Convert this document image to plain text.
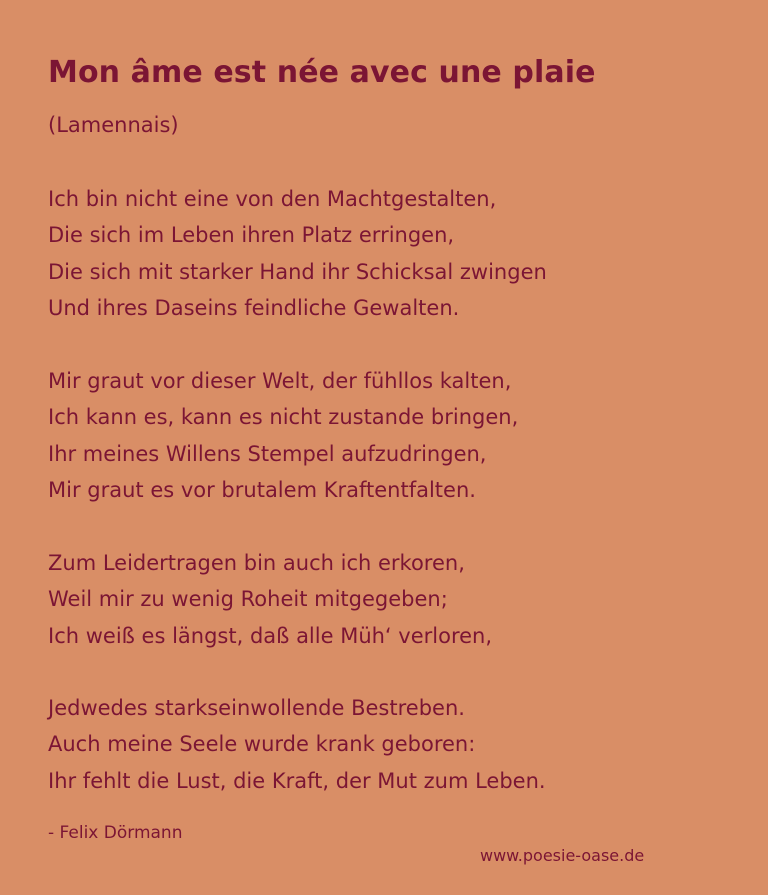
Mon âme est née avec une plaie

(Lamennais)

Ich bin nicht eine von den Machtgestalten,
Die sich im Leben ihren Platz erringen,
Die sich mit starker Hand ihr Schicksal zwingen
Und ihres Daseins feindliche Gewalten.
Mir graut vor dieser Welt, der fühllos kalten,
Ich kann es, kann es nicht zustande bringen,
Ihr meines Willens Stempel aufzudringen,
Mir graut es vor brutalem Kraftentfalten.
Zum Leidertragen bin auch ich erkoren,
Weil mir zu wenig Roheit mitgegeben;
Ich weiß es längst, daß alle Müh‘ verloren,
Jedwedes starkseinwollende Bestreben.
Auch meine Seele wurde krank geboren:
Ihr fehlt die Lust, die Kraft, der Mut zum Leben.

- Felix Dörmann

www.poesie-oase.de
